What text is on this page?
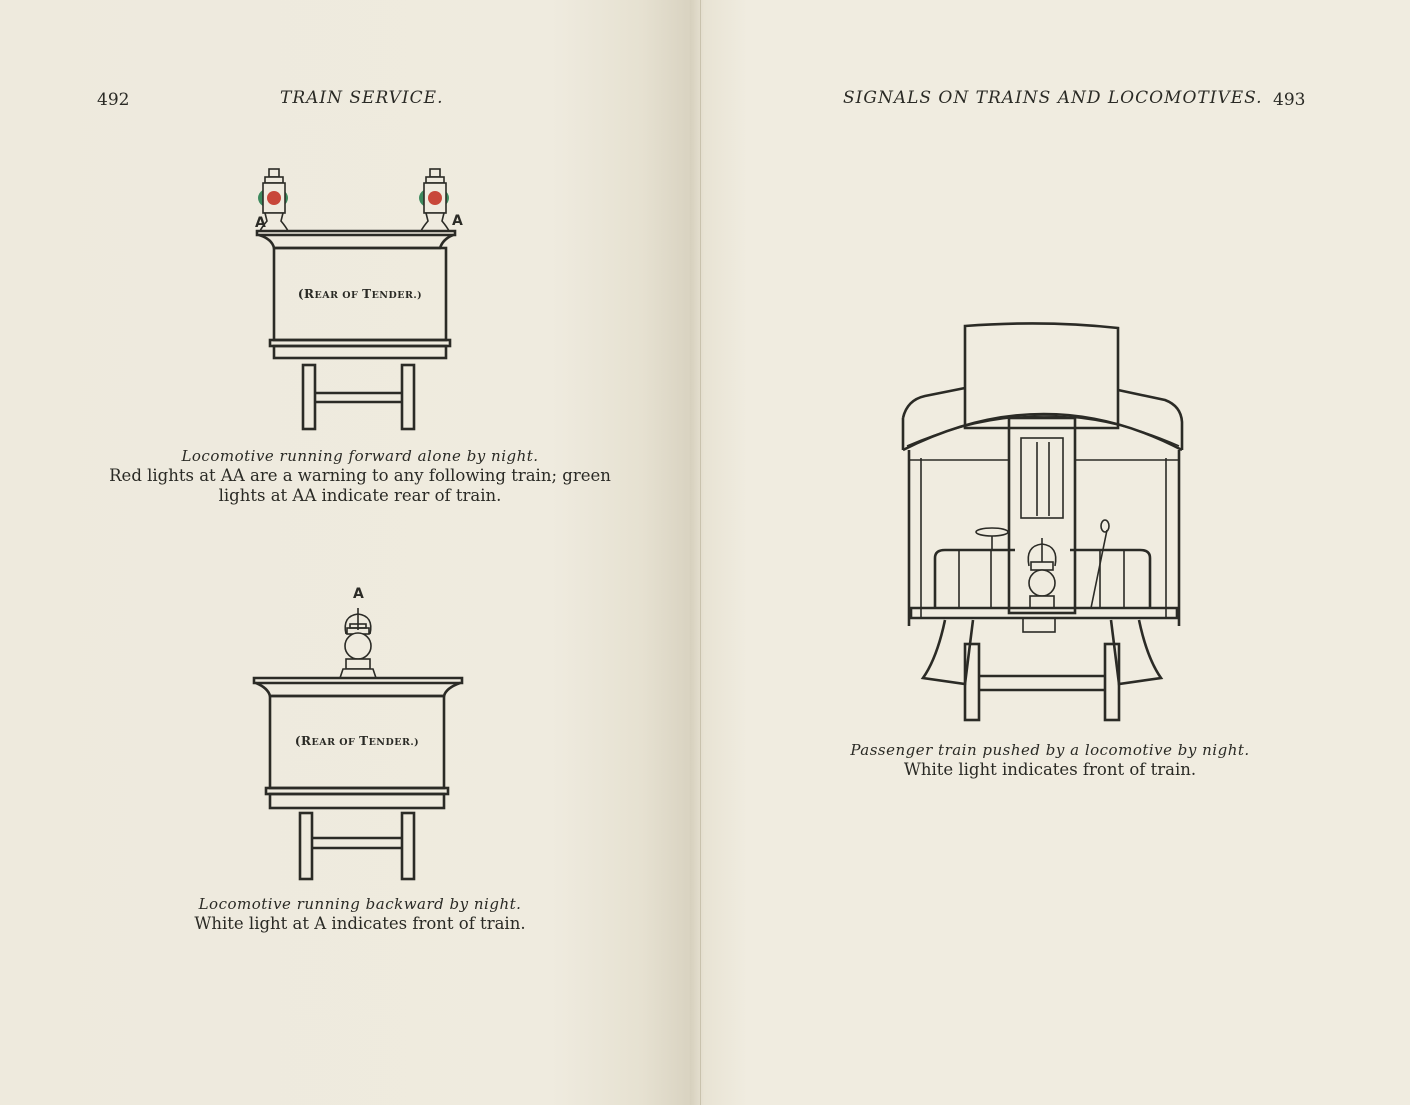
492	TRAIN SERVICE.
A	A
(REAR OF TENDER.)
Locomotive running forward alone by night.
Red lights at AA are a warning to any following train; green
lights at AA indicate rear of train.
A
(REAR OF TENDER.)
Locomotive running backward by night.
White light at A indicates front of train.
SIGNALS ON TRAINS AND LOCOMOTIVES. 493
Passenger train pushed by a locomotive by night.
White light indicates front of train.
